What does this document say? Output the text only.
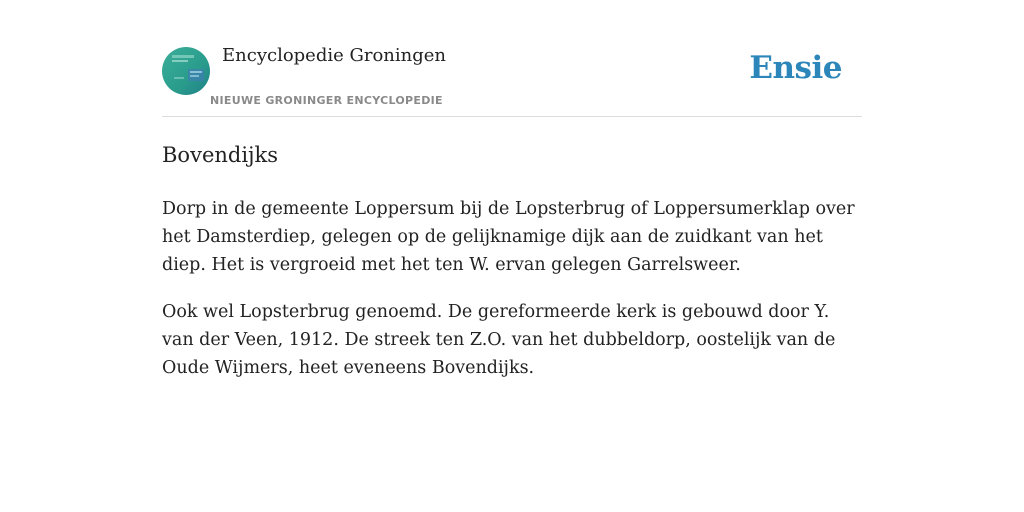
Encyclopedie Groningen
NIEUWE GRONINGER ENCYCLOPEDIE
Ensie
Bovendijks

Dorp in de gemeente Loppersum bij de Lopsterbrug of Loppersumerklap over het Damsterdiep, gelegen op de gelijknamige dijk aan de zuidkant van het diep. Het is vergroeid met het ten W. ervan gelegen Garrelsweer.

Ook wel Lopsterbrug genoemd. De gereformeerde kerk is gebouwd door Y. van der Veen, 1912. De streek ten Z.O. van het dubbeldorp, oostelijk van de Oude Wijmers, heet eveneens Bovendijks.
